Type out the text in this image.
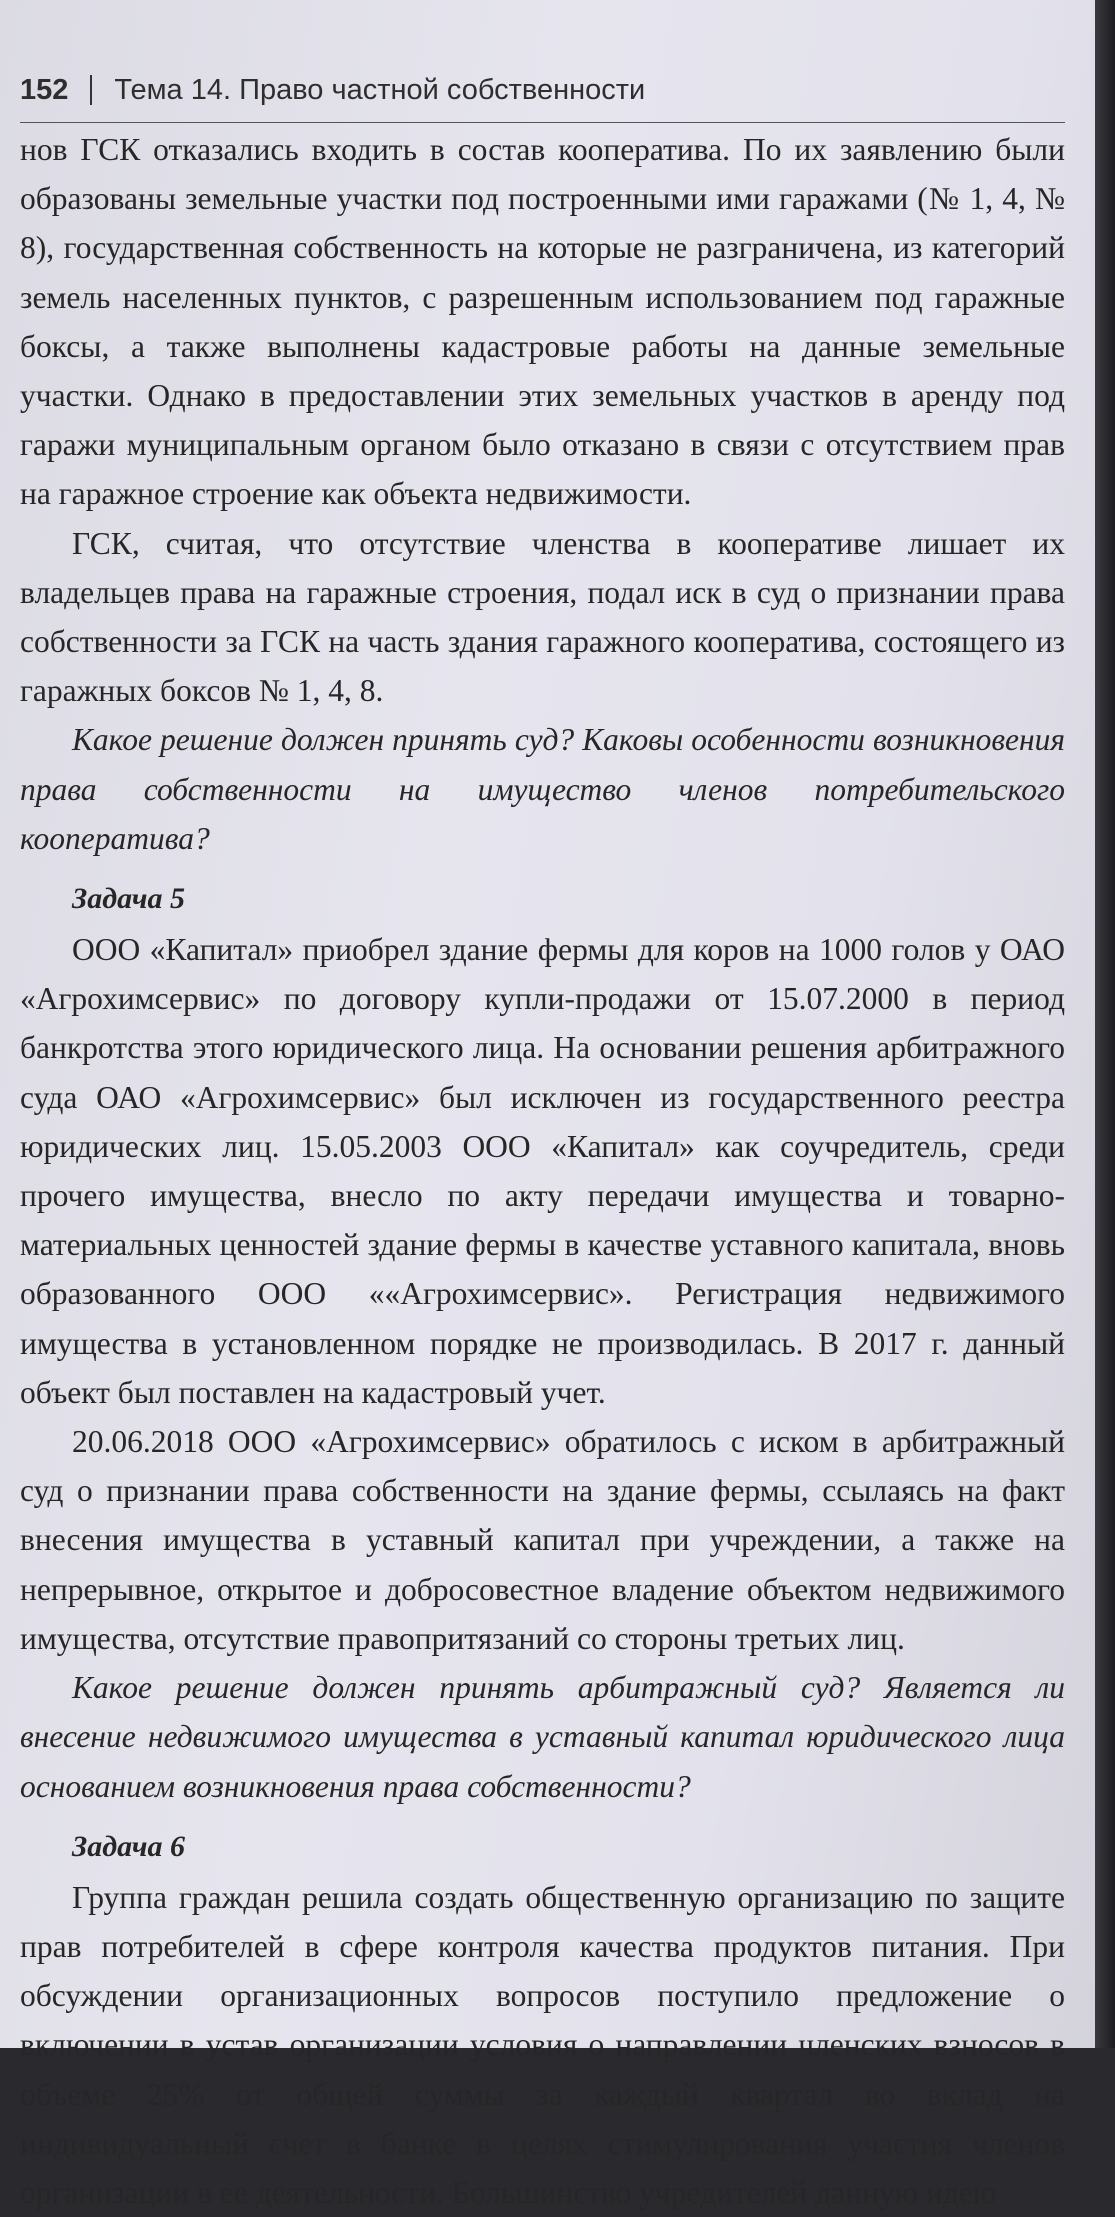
152 Тема 14. Право частной собственности

нов ГСК отказались входить в состав кооператива. По их заявлению были образованы земельные участки под построенными ими гаражами (№ 1, 4, № 8), государственная собственность на которые не разграничена, из категорий земель населенных пунктов, с разрешенным использованием под гаражные боксы, а также выполнены кадастровые работы на данные земельные участки. Однако в предоставлении этих земельных участков в аренду под гаражи муниципальным органом было отказано в связи с отсутствием прав на гаражное строение как объекта недвижимости.

ГСК, считая, что отсутствие членства в кооперативе лишает их владельцев права на гаражные строения, подал иск в суд о признании права собственности за ГСК на часть здания гаражного кооператива, состоящего из гаражных боксов № 1, 4, 8.

Какое решение должен принять суд? Каковы особенности возникновения права собственности на имущество членов потребительского кооператива?

Задача 5

ООО «Капитал» приобрел здание фермы для коров на 1000 голов у ОАО «Агрохимсервис» по договору купли-продажи от 15.07.2000 в период банкротства этого юридического лица. На основании решения арбитражного суда ОАО «Агрохимсервис» был исключен из государственного реестра юридических лиц. 15.05.2003 ООО «Капитал» как соучредитель, среди прочего имущества, внесло по акту передачи имущества и товарно-материальных ценностей здание фермы в качестве уставного капитала, вновь образованного ООО ««Агрохимсервис». Регистрация недвижимого имущества в установленном порядке не производилась. В 2017 г. данный объект был поставлен на кадастровый учет.

20.06.2018 ООО «Агрохимсервис» обратилось с иском в арбитражный суд о признании права собственности на здание фермы, ссылаясь на факт внесения имущества в уставный капитал при учреждении, а также на непрерывное, открытое и добросовестное владение объектом недвижимого имущества, отсутствие правопритязаний со стороны третьих лиц.

Какое решение должен принять арбитражный суд? Является ли внесение недвижимого имущества в уставный капитал юридического лица основанием возникновения права собственности?

Задача 6

Группа граждан решила создать общественную организацию по защите прав потребителей в сфере контроля качества продуктов питания. При обсуждении организационных вопросов поступило предложение о включении в устав организации условия о направлении членских взносов в объеме 25% от общей суммы за каждый квартал во вклад на индивидуальный счет в банке в целях стимулирования участия членов организации в ее деятельности. Большинство учредителей данную идею
